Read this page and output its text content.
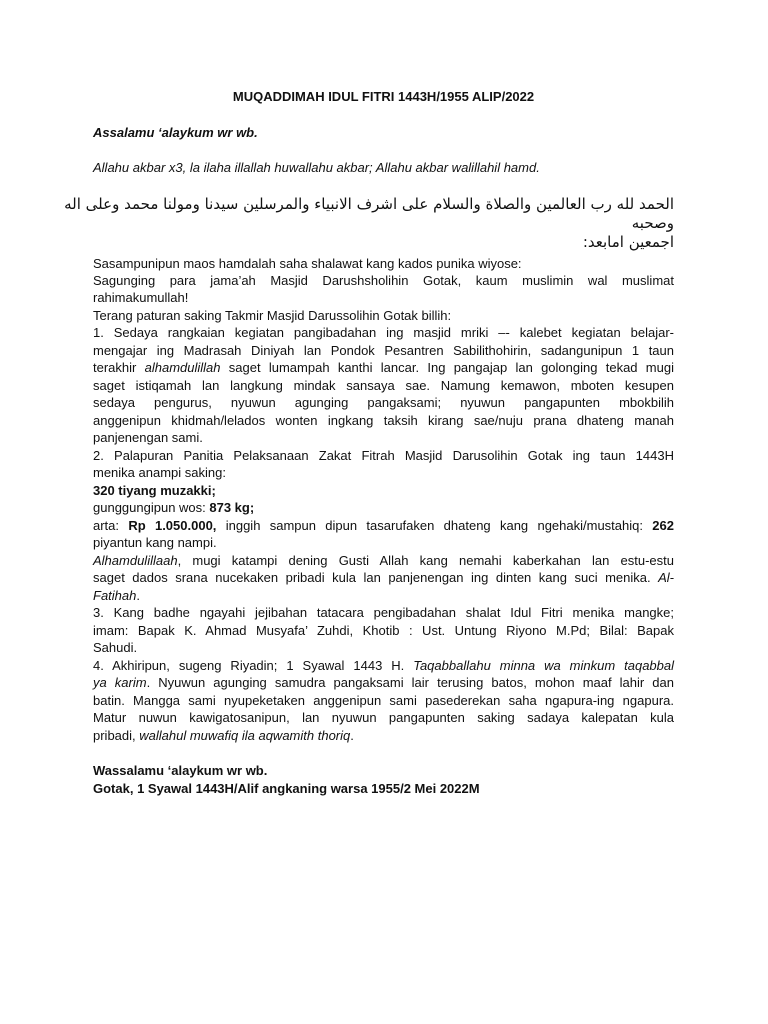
MUQADDIMAH IDUL FITRI 1443H/1955 ALIP/2022
Assalamu ‘alaykum wr wb.
Allahu akbar x3, la ilaha illallah huwallahu akbar; Allahu akbar walillahil hamd.
الحمد لله رب العالمين والصلاة والسلام على اشرف الانبياء والمرسلين سيدنا ومولنا محمد وعلى اله
وصحبه
اجمعين امابعد:
Sasampunipun maos hamdalah saha shalawat kang kados punika wiyose:
Sagunging para jama’ah Masjid Darushsholihin Gotak, kaum muslimin wal muslimat
rahimakumullah!
Terang paturan saking Takmir Masjid Darussolihin Gotak billih:
1. Sedaya rangkaian kegiatan pangibadahan ing masjid mriki –- kalebet kegiatan belajar-
mengajar ing Madrasah Diniyah lan Pondok Pesantren Sabilithohirin, sadangunipun 1 taun
terakhir alhamdulillah saget lumampah kanthi lancar. Ing pangajap lan golonging tekad mugi
saget istiqamah lan langkung mindak sansaya sae. Namung kemawon, mboten kesupen
sedaya pengurus, nyuwun agunging pangaksami; nyuwun pangapunten mbokbilih
anggenipun khidmah/lelados wonten ingkang taksih kirang sae/nuju prana dhateng manah
panjenengan sami.
2. Palapuran Panitia Pelaksanaan Zakat Fitrah Masjid Darusolihin Gotak ing taun 1443H
menika anampi saking:
320 tiyang muzakki;
gunggungipun wos: 873 kg;
arta: Rp 1.050.000, inggih sampun dipun tasarufaken dhateng kang ngehaki/mustahiq: 262
piyantun kang nampi.
Alhamdulillaah, mugi katampi dening Gusti Allah kang nemahi kaberkahan lan estu-estu
saget dados srana nucekaken pribadi kula lan panjenengan ing dinten kang suci menika. Al-
Fatihah.
3. Kang badhe ngayahi jejibahan tatacara pengibadahan shalat Idul Fitri menika mangke;
imam: Bapak K. Ahmad Musyafa’ Zuhdi, Khotib : Ust. Untung Riyono M.Pd; Bilal: Bapak
Sahudi.
4. Akhiripun, sugeng Riyadin; 1 Syawal 1443 H. Taqabballahu minna wa minkum taqabbal
ya karim. Nyuwun agunging samudra pangaksami lair terusing batos, mohon maaf lahir dan
batin. Mangga sami nyupeketaken anggenipun sami pasederekan saha ngapura-ing ngapura.
Matur nuwun kawigatosanipun, lan nyuwun pangapunten saking sadaya kalepatan kula
pribadi, wallahul muwafiq ila aqwamith thoriq.
Wassalamu ‘alaykum wr wb.
Gotak, 1 Syawal 1443H/Alif angkaning warsa 1955/2 Mei 2022M
